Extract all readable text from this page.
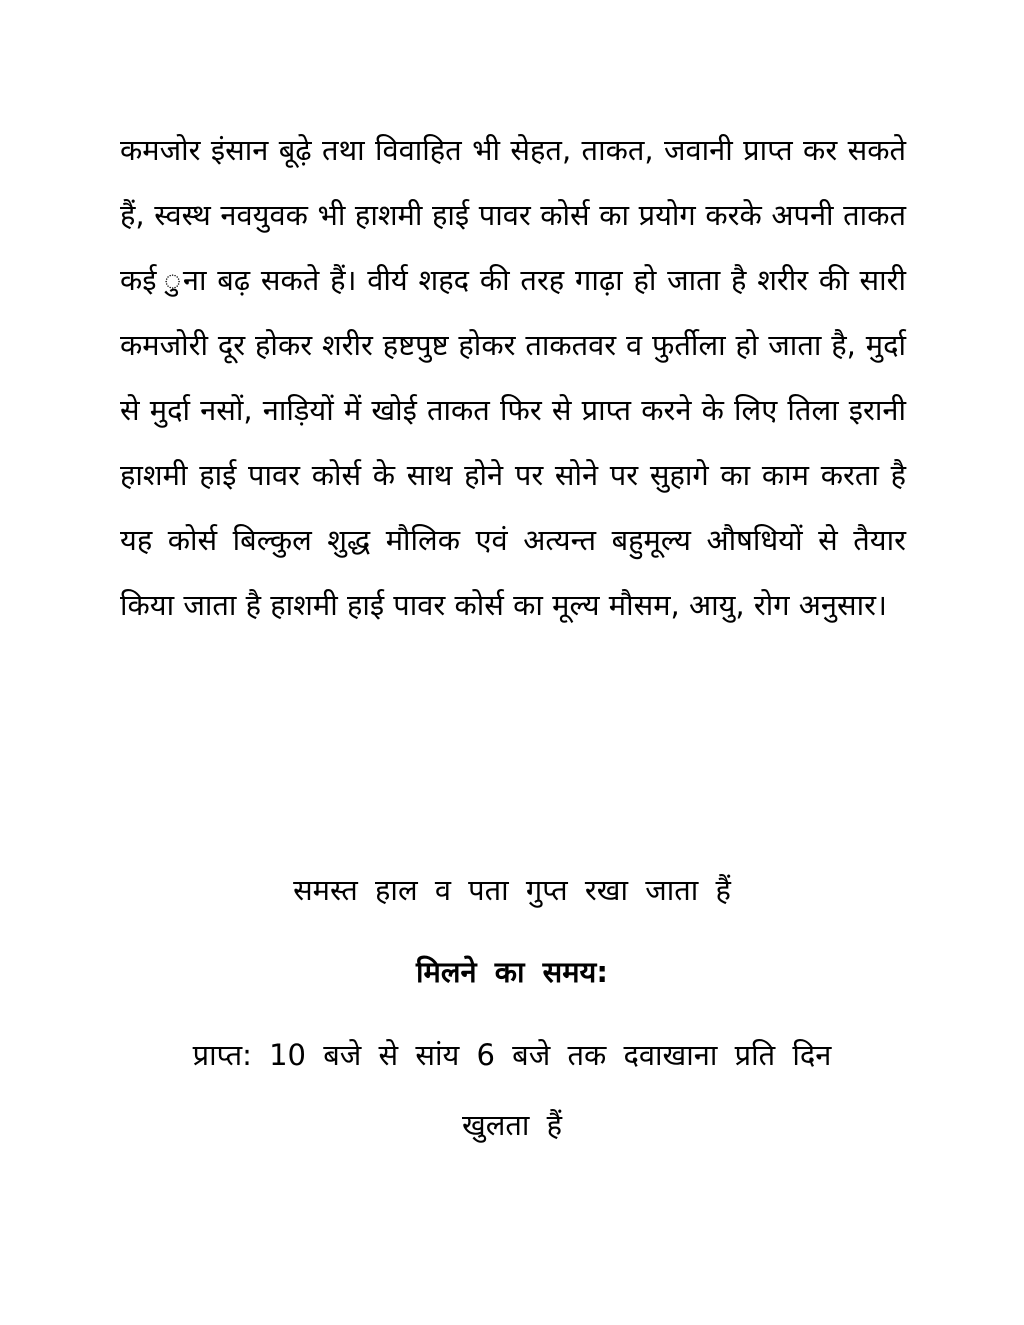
कमजोर इंसान बूढ़े तथा विवाहित भी सेहत, ताकत, जवानी प्राप्त कर सकते हैं, स्वस्थ नवयुवक भी हाशमी हाई पावर कोर्स का प्रयोग करके अपनी ताकत कई ुना बढ़ सकते हैं। वीर्य शहद की तरह गाढ़ा हो जाता है शरीर की सारी कमजोरी दूर होकर शरीर हष्टपुष्ट होकर ताकतवर व फुर्तीला हो जाता है, मुर्दा से मुर्दा नसों, नाड़ियों में खोई ताकत फिर से प्राप्त करने के लिए तिला इरानी हाशमी हाई पावर कोर्स के साथ होने पर सोने पर सुहागे का काम करता है यह कोर्स बिल्कुल शुद्ध मौलिक एवं अत्यन्त बहुमूल्य औषधियों से तैयार किया जाता है हाशमी हाई पावर कोर्स का मूल्य मौसम, आयु, रोग अनुसार।

समस्त हाल व पता गुप्त रखा जाता हैं

मिलने का समय:

प्राप्त: 10 बजे से सांय 6 बजे तक दवाखाना प्रति दिन

खुलता हैं
